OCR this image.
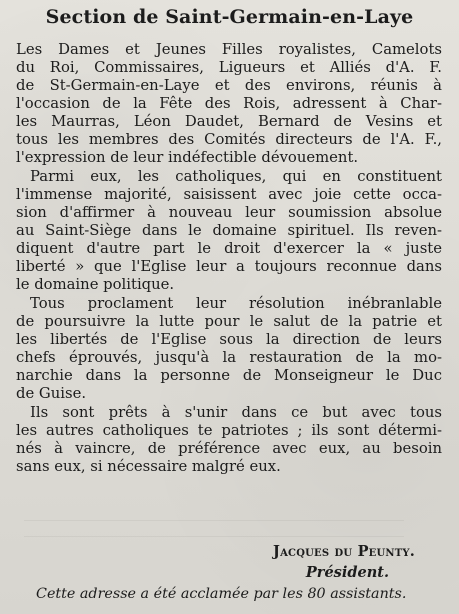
Section de Saint-Germain-en-Laye
Les Dames et Jeunes Filles royalistes, Camelots
du Roi, Commissaires, Ligueurs et Alliés d'A. F.
de St-Germain-en-Laye et des environs, réunis à
l'occasion de la Fête des Rois, adressent à Char-
les Maurras, Léon Daudet, Bernard de Vesins et
tous les membres des Comités directeurs de l'A. F.,
l'expression de leur indéfectible dévouement.
Parmi eux, les catholiques, qui en constituent
l'immense majorité, saisissent avec joie cette occa-
sion d'affirmer à nouveau leur soumission absolue
au Saint-Siège dans le domaine spirituel. Ils reven-
diquent d'autre part le droit d'exercer la « juste
liberté » que l'Eglise leur a toujours reconnue dans
le domaine politique.
Tous proclament leur résolution inébranlable
de poursuivre la lutte pour le salut de la patrie et
les libertés de l'Eglise sous la direction de leurs
chefs éprouvés, jusqu'à la restauration de la mo-
narchie dans la personne de Monseigneur le Duc
de Guise.
Ils sont prêts à s'unir dans ce but avec tous
les autres catholiques te patriotes ; ils sont détermi-
nés à vaincre, de préférence avec eux, au besoin
sans eux, si nécessaire malgré eux.
Jacques du Peunty.
Président.
Cette adresse a été acclamée par les 80 assistants.
